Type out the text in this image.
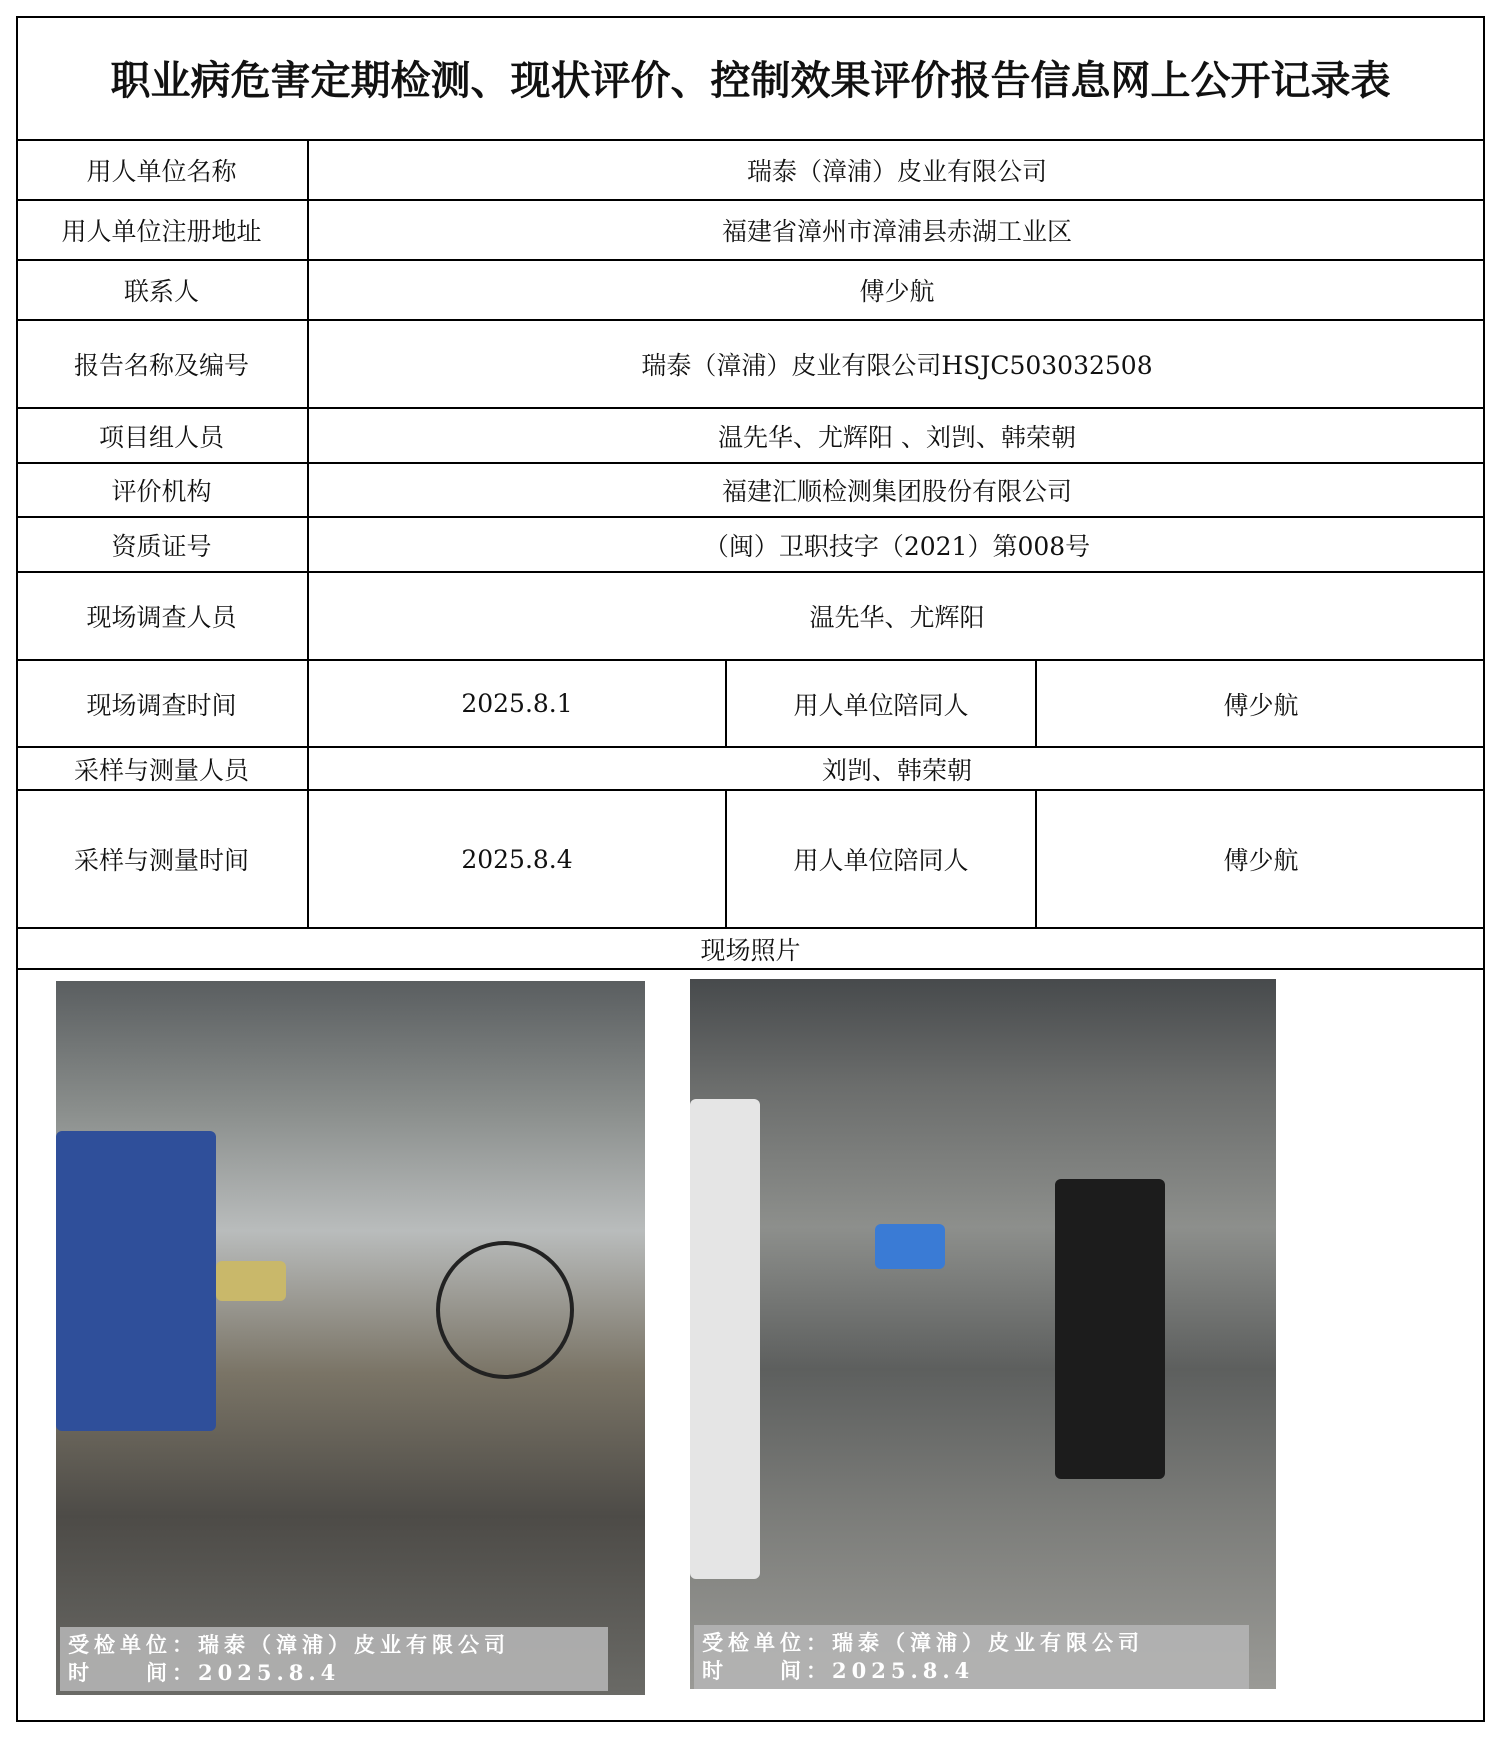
职业病危害定期检测、现状评价、控制效果评价报告信息网上公开记录表
用人单位名称	瑞泰（漳浦）皮业有限公司
用人单位注册地址	福建省漳州市漳浦县赤湖工业区
联系人	傅少航
报告名称及编号	瑞泰（漳浦）皮业有限公司HSJC503032508
项目组人员	温先华、尤辉阳 、刘剀、韩荣朝
评价机构	福建汇顺检测集团股份有限公司
资质证号	（闽）卫职技字（2021）第008号
现场调查人员	温先华、尤辉阳
现场调查时间	2025.8.1	用人单位陪同人	傅少航
采样与测量人员	刘剀、韩荣朝
采样与测量时间	2025.8.4	用人单位陪同人	傅少航
现场照片
受检单位：瑞泰（漳浦）皮业有限公司
时　　间：2025.8.4
受检单位：瑞泰（漳浦）皮业有限公司
时　　间：2025.8.4
